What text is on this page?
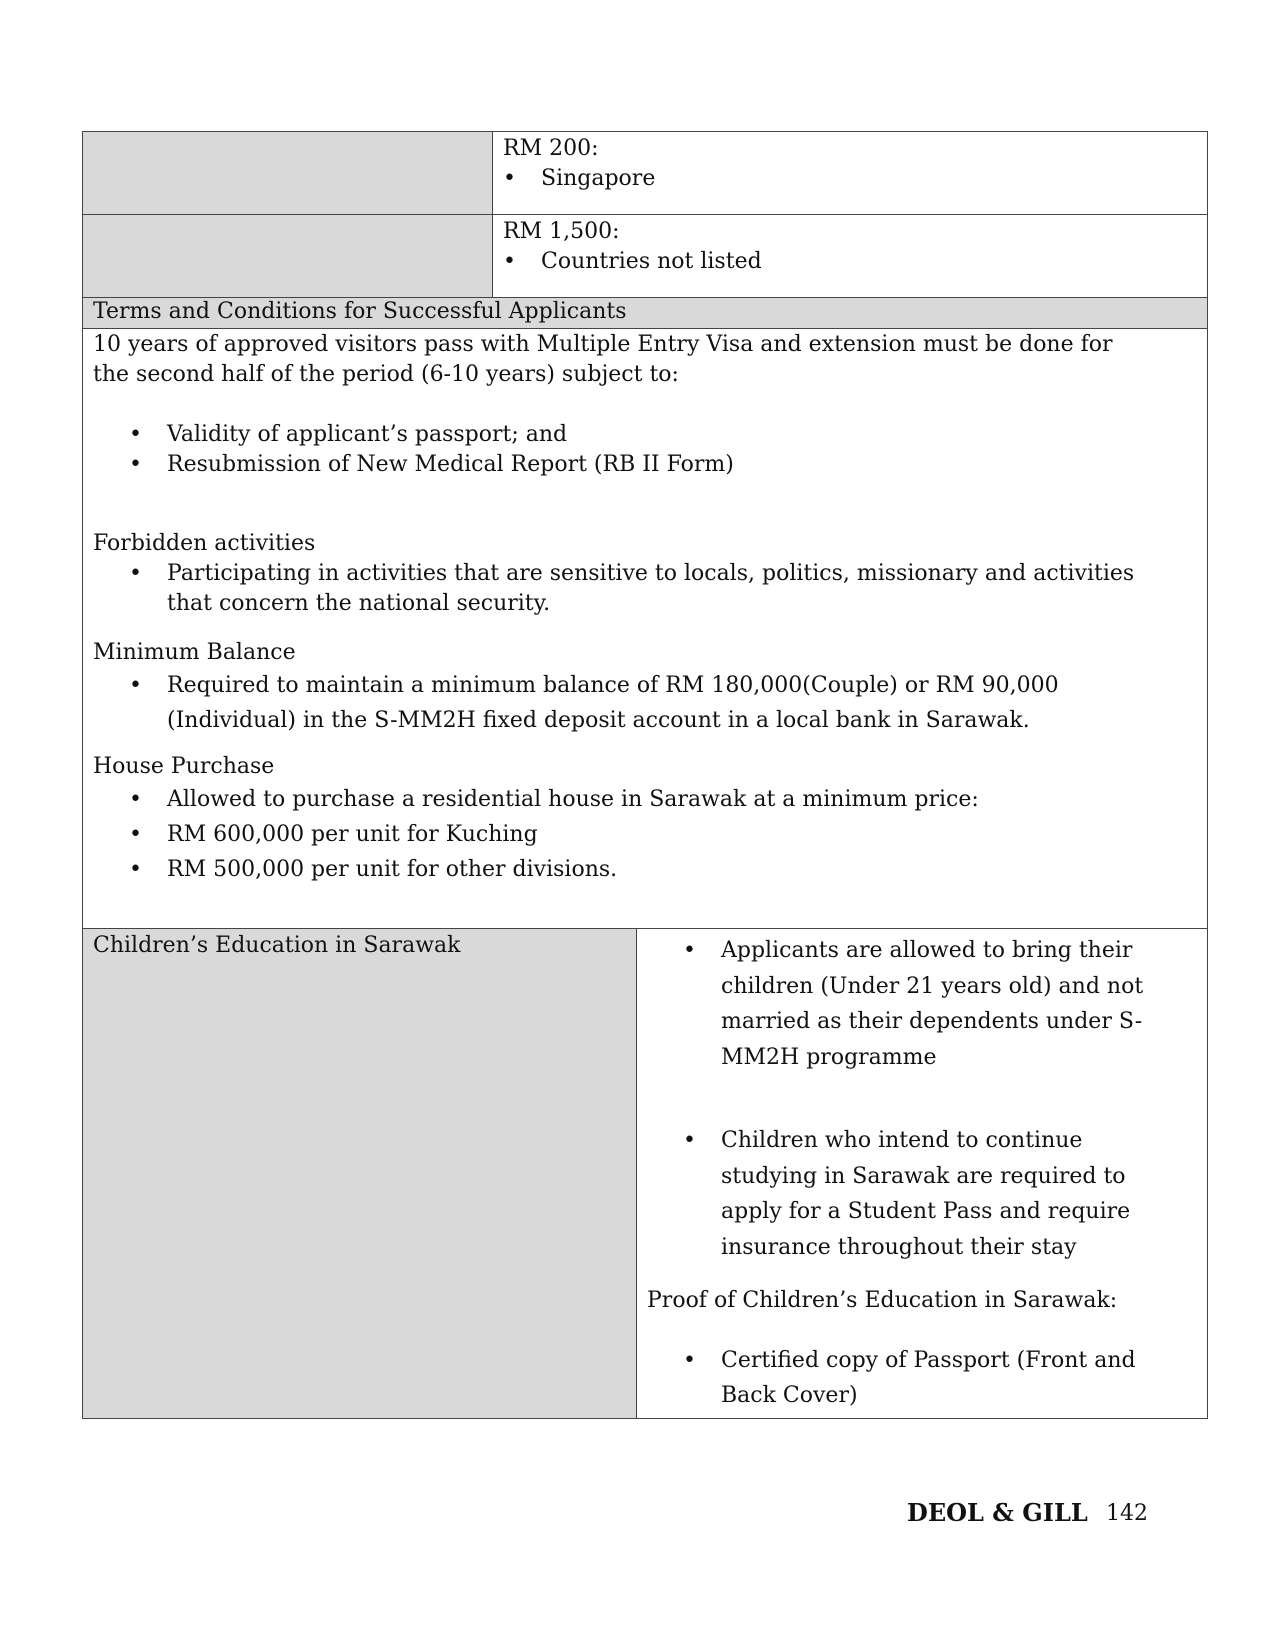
RM 200:
• Singapore
RM 1,500:
• Countries not listed
Terms and Conditions for Successful Applicants
10 years of approved visitors pass with Multiple Entry Visa and extension must be done for the second half of the period (6-10 years) subject to:
• Validity of applicant’s passport; and
• Resubmission of New Medical Report (RB II Form)
Forbidden activities
• Participating in activities that are sensitive to locals, politics, missionary and activities that concern the national security.
Minimum Balance
• Required to maintain a minimum balance of RM 180,000(Couple) or RM 90,000 (Individual) in the S-MM2H fixed deposit account in a local bank in Sarawak.
House Purchase
• Allowed to purchase a residential house in Sarawak at a minimum price:
• RM 600,000 per unit for Kuching
• RM 500,000 per unit for other divisions.
Children’s Education in Sarawak
•	Applicants are allowed to bring their children (Under 21 years old) and not married as their dependents under S-MM2H programme
• Children who intend to continue studying in Sarawak are required to apply for a Student Pass and require insurance throughout their stay
Proof of Children’s Education in Sarawak:
• Certified copy of Passport (Front and Back Cover)
DEOL & GILL 142
